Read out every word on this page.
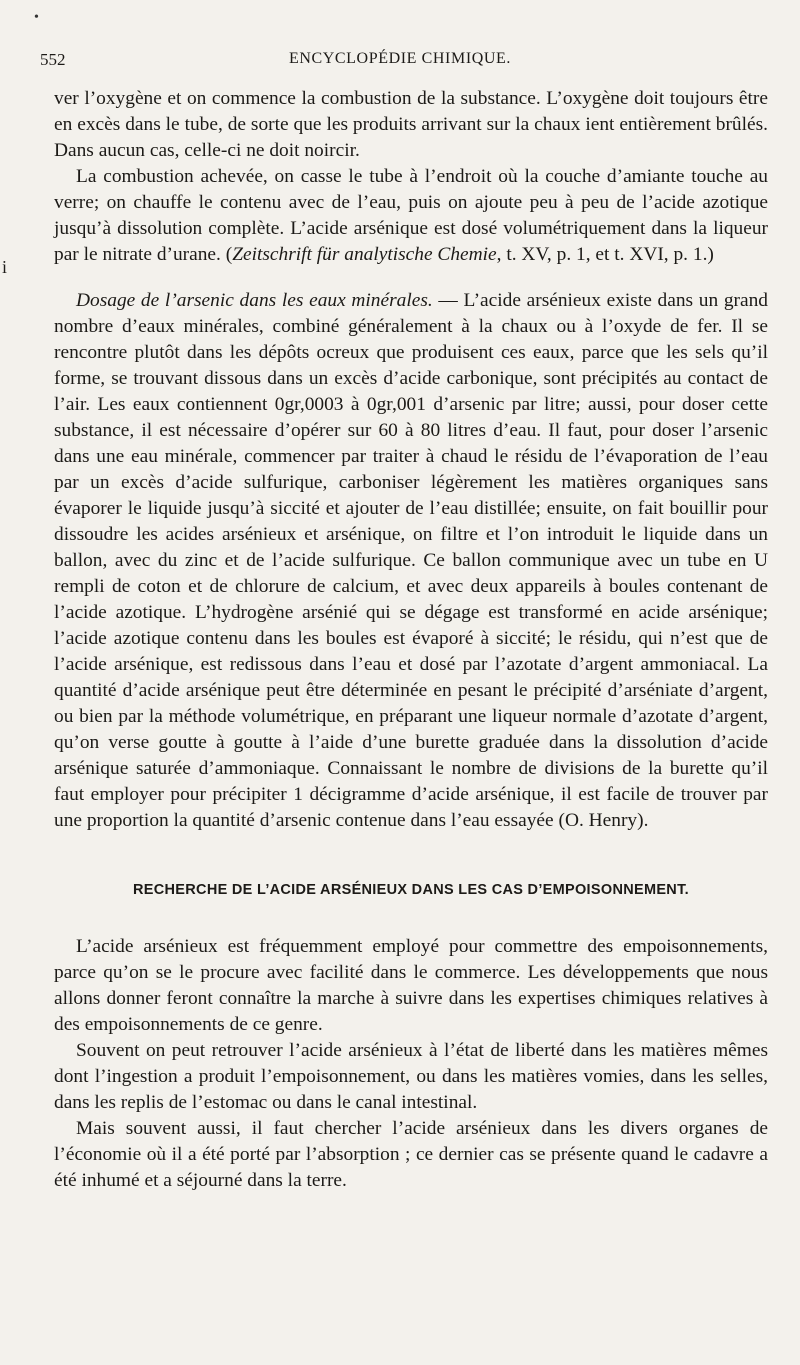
•
552	ENCYCLOPÉDIE CHIMIQUE.
i

ver l’oxygène et on commence la combustion de la substance. L’oxygène doit toujours être en excès dans le tube, de sorte que les produits arrivant sur la chaux ient entièrement brûlés. Dans aucun cas, celle-ci ne doit noircir.

La combustion achevée, on casse le tube à l’endroit où la couche d’amiante touche au verre; on chauffe le contenu avec de l’eau, puis on ajoute peu à peu de l’acide azotique jusqu’à dissolution complète. L’acide arsénique est dosé volumétriquement dans la liqueur par le nitrate d’urane. (Zeitschrift für analytische Chemie, t. XV, p. 1, et t. XVI, p. 1.)

Dosage de l’arsenic dans les eaux minérales. — L’acide arsénieux existe dans un grand nombre d’eaux minérales, combiné généralement à la chaux ou à l’oxyde de fer. Il se rencontre plutôt dans les dépôts ocreux que produisent ces eaux, parce que les sels qu’il forme, se trouvant dissous dans un excès d’acide carbonique, sont précipités au contact de l’air. Les eaux contiennent 0gr,0003 à 0gr,001 d’arsenic par litre; aussi, pour doser cette substance, il est nécessaire d’opérer sur 60 à 80 litres d’eau. Il faut, pour doser l’arsenic dans une eau minérale, commencer par traiter à chaud le résidu de l’évaporation de l’eau par un excès d’acide sulfurique, carboniser légèrement les matières organiques sans évaporer le liquide jusqu’à siccité et ajouter de l’eau distillée; ensuite, on fait bouillir pour dissoudre les acides arsénieux et arsénique, on filtre et l’on introduit le liquide dans un ballon, avec du zinc et de l’acide sulfurique. Ce ballon communique avec un tube en U rempli de coton et de chlorure de calcium, et avec deux appareils à boules contenant de l’acide azotique. L’hydrogène arsénié qui se dégage est transformé en acide arsénique; l’acide azotique contenu dans les boules est évaporé à siccité; le résidu, qui n’est que de l’acide arsénique, est redissous dans l’eau et dosé par l’azotate d’argent ammoniacal. La quantité d’acide arsénique peut être déterminée en pesant le précipité d’arséniate d’argent, ou bien par la méthode volumétrique, en préparant une liqueur normale d’azotate d’argent, qu’on verse goutte à goutte à l’aide d’une burette graduée dans la dissolution d’acide arsénique saturée d’ammoniaque. Connaissant le nombre de divisions de la burette qu’il faut employer pour précipiter 1 décigramme d’acide arsénique, il est facile de trouver par une proportion la quantité d’arsenic contenue dans l’eau essayée (O. Henry).

RECHERCHE DE L’ACIDE ARSÉNIEUX DANS LES CAS D’EMPOISONNEMENT.

L’acide arsénieux est fréquemment employé pour commettre des empoisonnements, parce qu’on se le procure avec facilité dans le commerce. Les développements que nous allons donner feront connaître la marche à suivre dans les expertises chimiques relatives à des empoisonnements de ce genre.

Souvent on peut retrouver l’acide arsénieux à l’état de liberté dans les matières mêmes dont l’ingestion a produit l’empoisonnement, ou dans les matières vomies, dans les selles, dans les replis de l’estomac ou dans le canal intestinal.

Mais souvent aussi, il faut chercher l’acide arsénieux dans les divers organes de l’économie où il a été porté par l’absorption ; ce dernier cas se présente quand le cadavre a été inhumé et a séjourné dans la terre.
